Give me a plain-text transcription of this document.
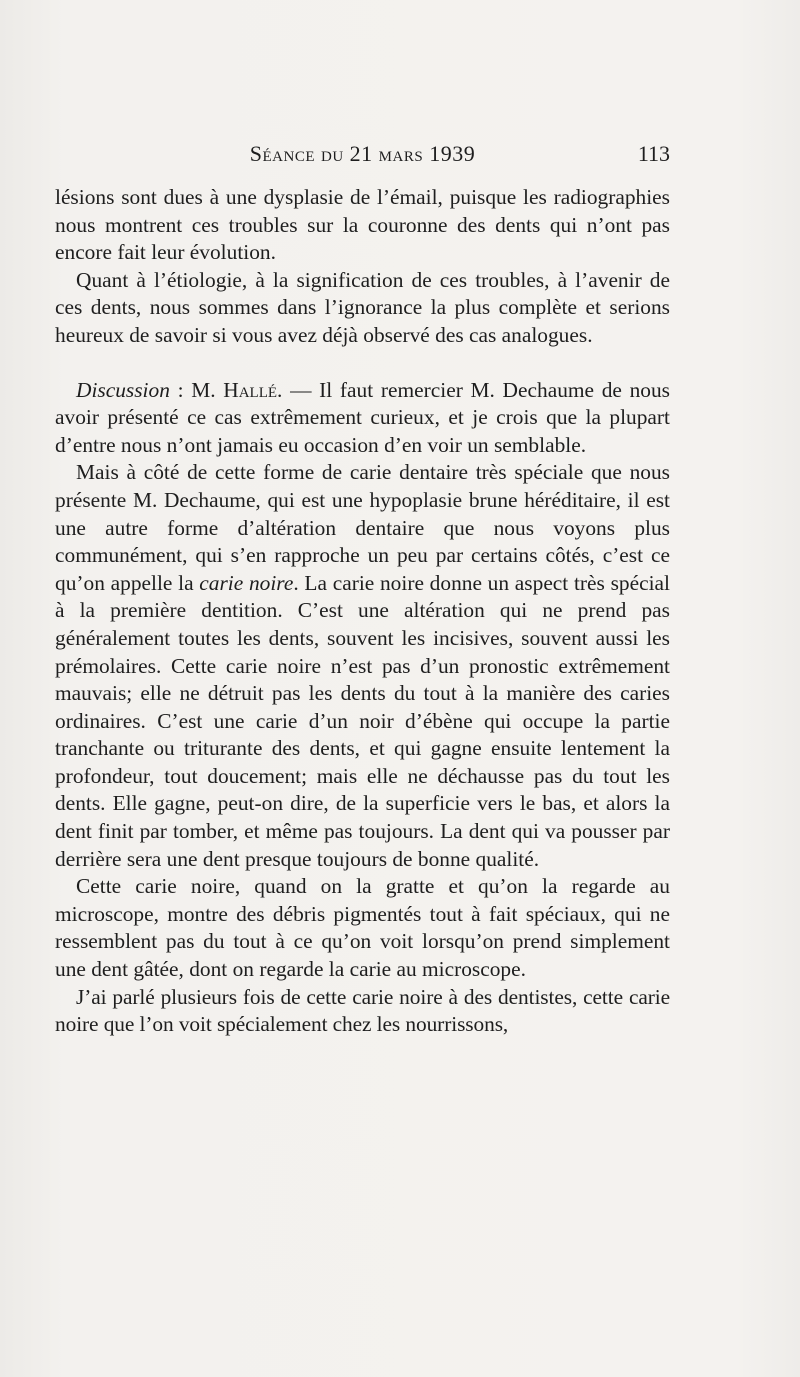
Séance du 21 mars 1939	113

lésions sont dues à une dysplasie de l’émail, puisque les radiographies nous montrent ces troubles sur la couronne des dents qui n’ont pas encore fait leur évolution.

Quant à l’étiologie, à la signification de ces troubles, à l’avenir de ces dents, nous sommes dans l’ignorance la plus complète et serions heureux de savoir si vous avez déjà observé des cas analogues.

Discussion : M. Hallé. — Il faut remercier M. Dechaume de nous avoir présenté ce cas extrêmement curieux, et je crois que la plupart d’entre nous n’ont jamais eu occasion d’en voir un semblable.

Mais à côté de cette forme de carie dentaire très spéciale que nous présente M. Dechaume, qui est une hypoplasie brune héréditaire, il est une autre forme d’altération dentaire que nous voyons plus communément, qui s’en rapproche un peu par certains côtés, c’est ce qu’on appelle la carie noire. La carie noire donne un aspect très spécial à la première dentition. C’est une altération qui ne prend pas généralement toutes les dents, souvent les incisives, souvent aussi les prémolaires. Cette carie noire n’est pas d’un pronostic extrêmement mauvais; elle ne détruit pas les dents du tout à la manière des caries ordinaires. C’est une carie d’un noir d’ébène qui occupe la partie tranchante ou triturante des dents, et qui gagne ensuite lentement la profondeur, tout doucement; mais elle ne déchausse pas du tout les dents. Elle gagne, peut-on dire, de la superficie vers le bas, et alors la dent finit par tomber, et même pas toujours. La dent qui va pousser par derrière sera une dent presque toujours de bonne qualité.

Cette carie noire, quand on la gratte et qu’on la regarde au microscope, montre des débris pigmentés tout à fait spéciaux, qui ne ressemblent pas du tout à ce qu’on voit lorsqu’on prend simplement une dent gâtée, dont on regarde la carie au microscope.

J’ai parlé plusieurs fois de cette carie noire à des dentistes, cette carie noire que l’on voit spécialement chez les nourrissons,
